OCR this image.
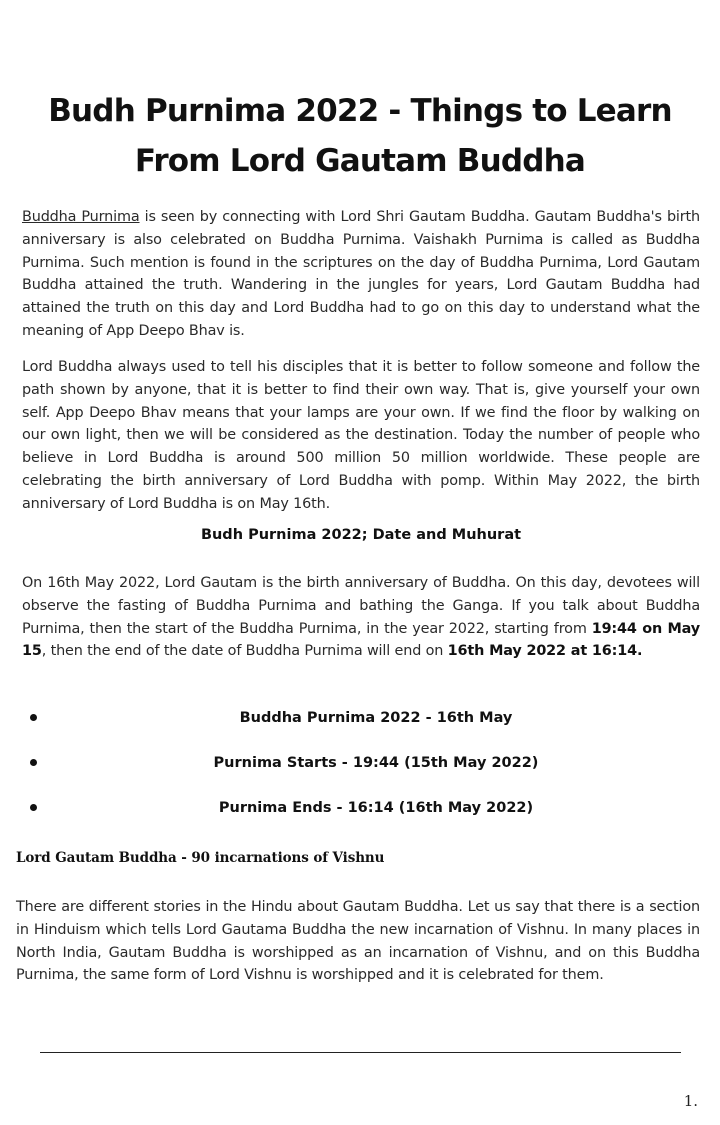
Budh Purnima 2022 - Things to Learn From Lord Gautam Buddha

Buddha Purnima is seen by connecting with Lord Shri Gautam Buddha. Gautam Buddha's birth anniversary is also celebrated on Buddha Purnima. Vaishakh Purnima is called as Buddha Purnima. Such mention is found in the scriptures on the day of Buddha Purnima, Lord Gautam Buddha attained the truth. Wandering in the jungles for years, Lord Gautam Buddha had attained the truth on this day and Lord Buddha had to go on this day to understand what the meaning of App Deepo Bhav is.

Lord Buddha always used to tell his disciples that it is better to follow someone and follow the path shown by anyone, that it is better to find their own way. That is, give yourself your own self. App Deepo Bhav means that your lamps are your own. If we find the floor by walking on our own light, then we will be considered as the destination. Today the number of people who believe in Lord Buddha is around 500 million 50 million worldwide. These people are celebrating the birth anniversary of Lord Buddha with pomp. Within May 2022, the birth anniversary of Lord Buddha is on May 16th.

Budh Purnima 2022; Date and Muhurat

On 16th May 2022, Lord Gautam is the birth anniversary of Buddha. On this day, devotees will observe the fasting of Buddha Purnima and bathing the Ganga. If you talk about Buddha Purnima, then the start of the Buddha Purnima, in the year 2022, starting from 19:44 on May 15, then the end of the date of Buddha Purnima will end on 16th May 2022 at 16:14.

Buddha Purnima 2022 - 16th May
Purnima Starts - 19:44 (15th May 2022)
Purnima Ends - 16:14 (16th May 2022)
Lord Gautam Buddha - 90 incarnations of Vishnu

There are different stories in the Hindu about Gautam Buddha. Let us say that there is a section in Hinduism which tells Lord Gautama Buddha the new incarnation of Vishnu. In many places in North India, Gautam Buddha is worshipped as an incarnation of Vishnu, and on this Buddha Purnima, the same form of Lord Vishnu is worshipped and it is celebrated for them.

1.
